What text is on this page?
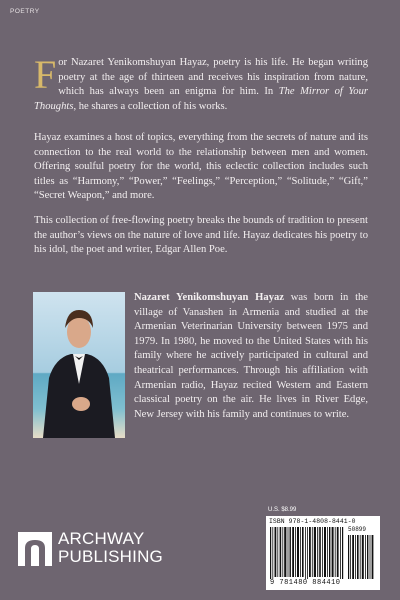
POETRY

For Nazaret Yenikomshuyan Hayaz, poetry is his life. He began writing poetry at the age of thirteen and receives his inspiration from nature, which has always been an enigma for him. In The Mirror of Your Thoughts, he shares a collection of his works.

Hayaz examines a host of topics, everything from the secrets of nature and its connection to the real world to the relationship between men and women. Offering soulful poetry for the world, this eclectic collection includes such titles as “Harmony,” “Power,” “Feelings,” “Perception,” “Solitude,” “Gift,” “Secret Weapon,” and more.

This collection of free-flowing poetry breaks the bounds of tradition to present the author’s views on the nature of love and life. Hayaz dedicates his poetry to his idol, the poet and writer, Edgar Allen Poe.

Nazaret Yenikomshuyan Hayaz was born in the village of Vanashen in Armenia and studied at the Armenian Veterinarian University between 1975 and 1979. In 1980, he moved to the United States with his family where he actively participated in cultural and theatrical performances. Through his affiliation with Armenian radio, Hayaz recited Western and Eastern classical poetry on the air. He lives in River Edge, New Jersey with his family and continues to write.

ARCHWAY
PUBLISHING
U.S. $8.99
ISBN 978-1-4808-8441-0
50899
9 781480 884410
